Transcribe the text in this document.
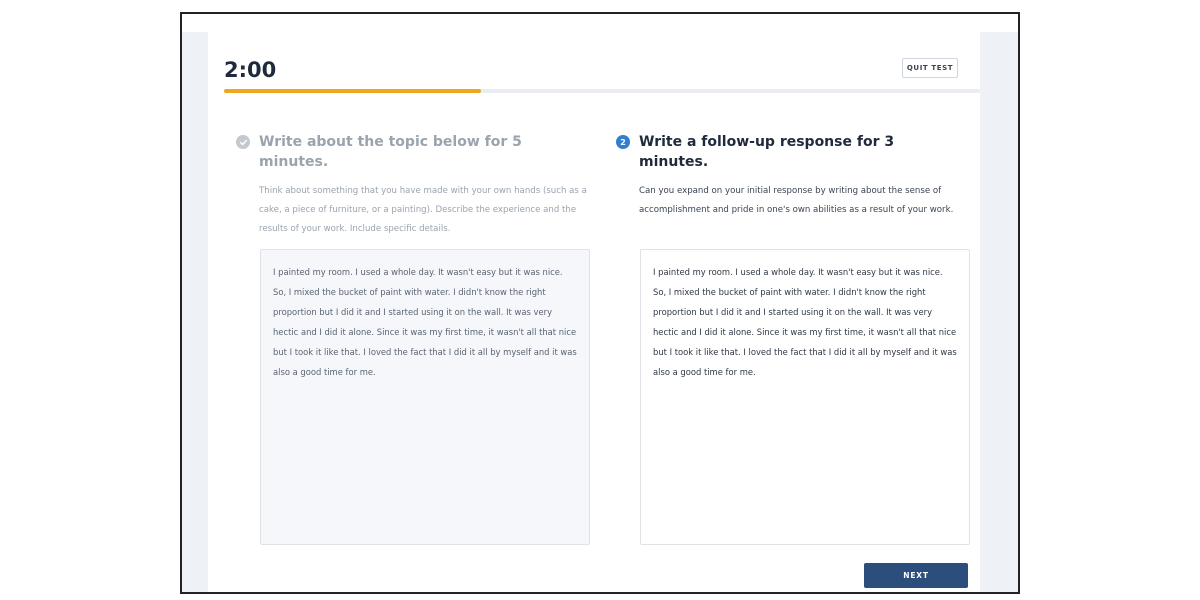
2:00	QUIT TEST
Write about the topic below for 5 minutes.
Think about something that you have made with your own hands (such as a cake, a piece of furniture, or a painting). Describe the experience and the results of your work. Include specific details.
I painted my room. I used a whole day. It wasn't easy but it was nice. So, I mixed the bucket of paint with water. I didn't know the right proportion but I did it and I started using it on the wall. It was very hectic and I did it alone. Since it was my first time, it wasn't all that nice but I took it like that. I loved the fact that I did it all by myself and it was also a good time for me.
2 Write a follow-up response for 3 minutes.
Can you expand on your initial response by writing about the sense of accomplishment and pride in one's own abilities as a result of your work.
I painted my room. I used a whole day. It wasn't easy but it was nice. So, I mixed the bucket of paint with water. I didn't know the right proportion but I did it and I started using it on the wall. It was very hectic and I did it alone. Since it was my first time, it wasn't all that nice but I took it like that. I loved the fact that I did it all by myself and it was also a good time for me.
NEXT
